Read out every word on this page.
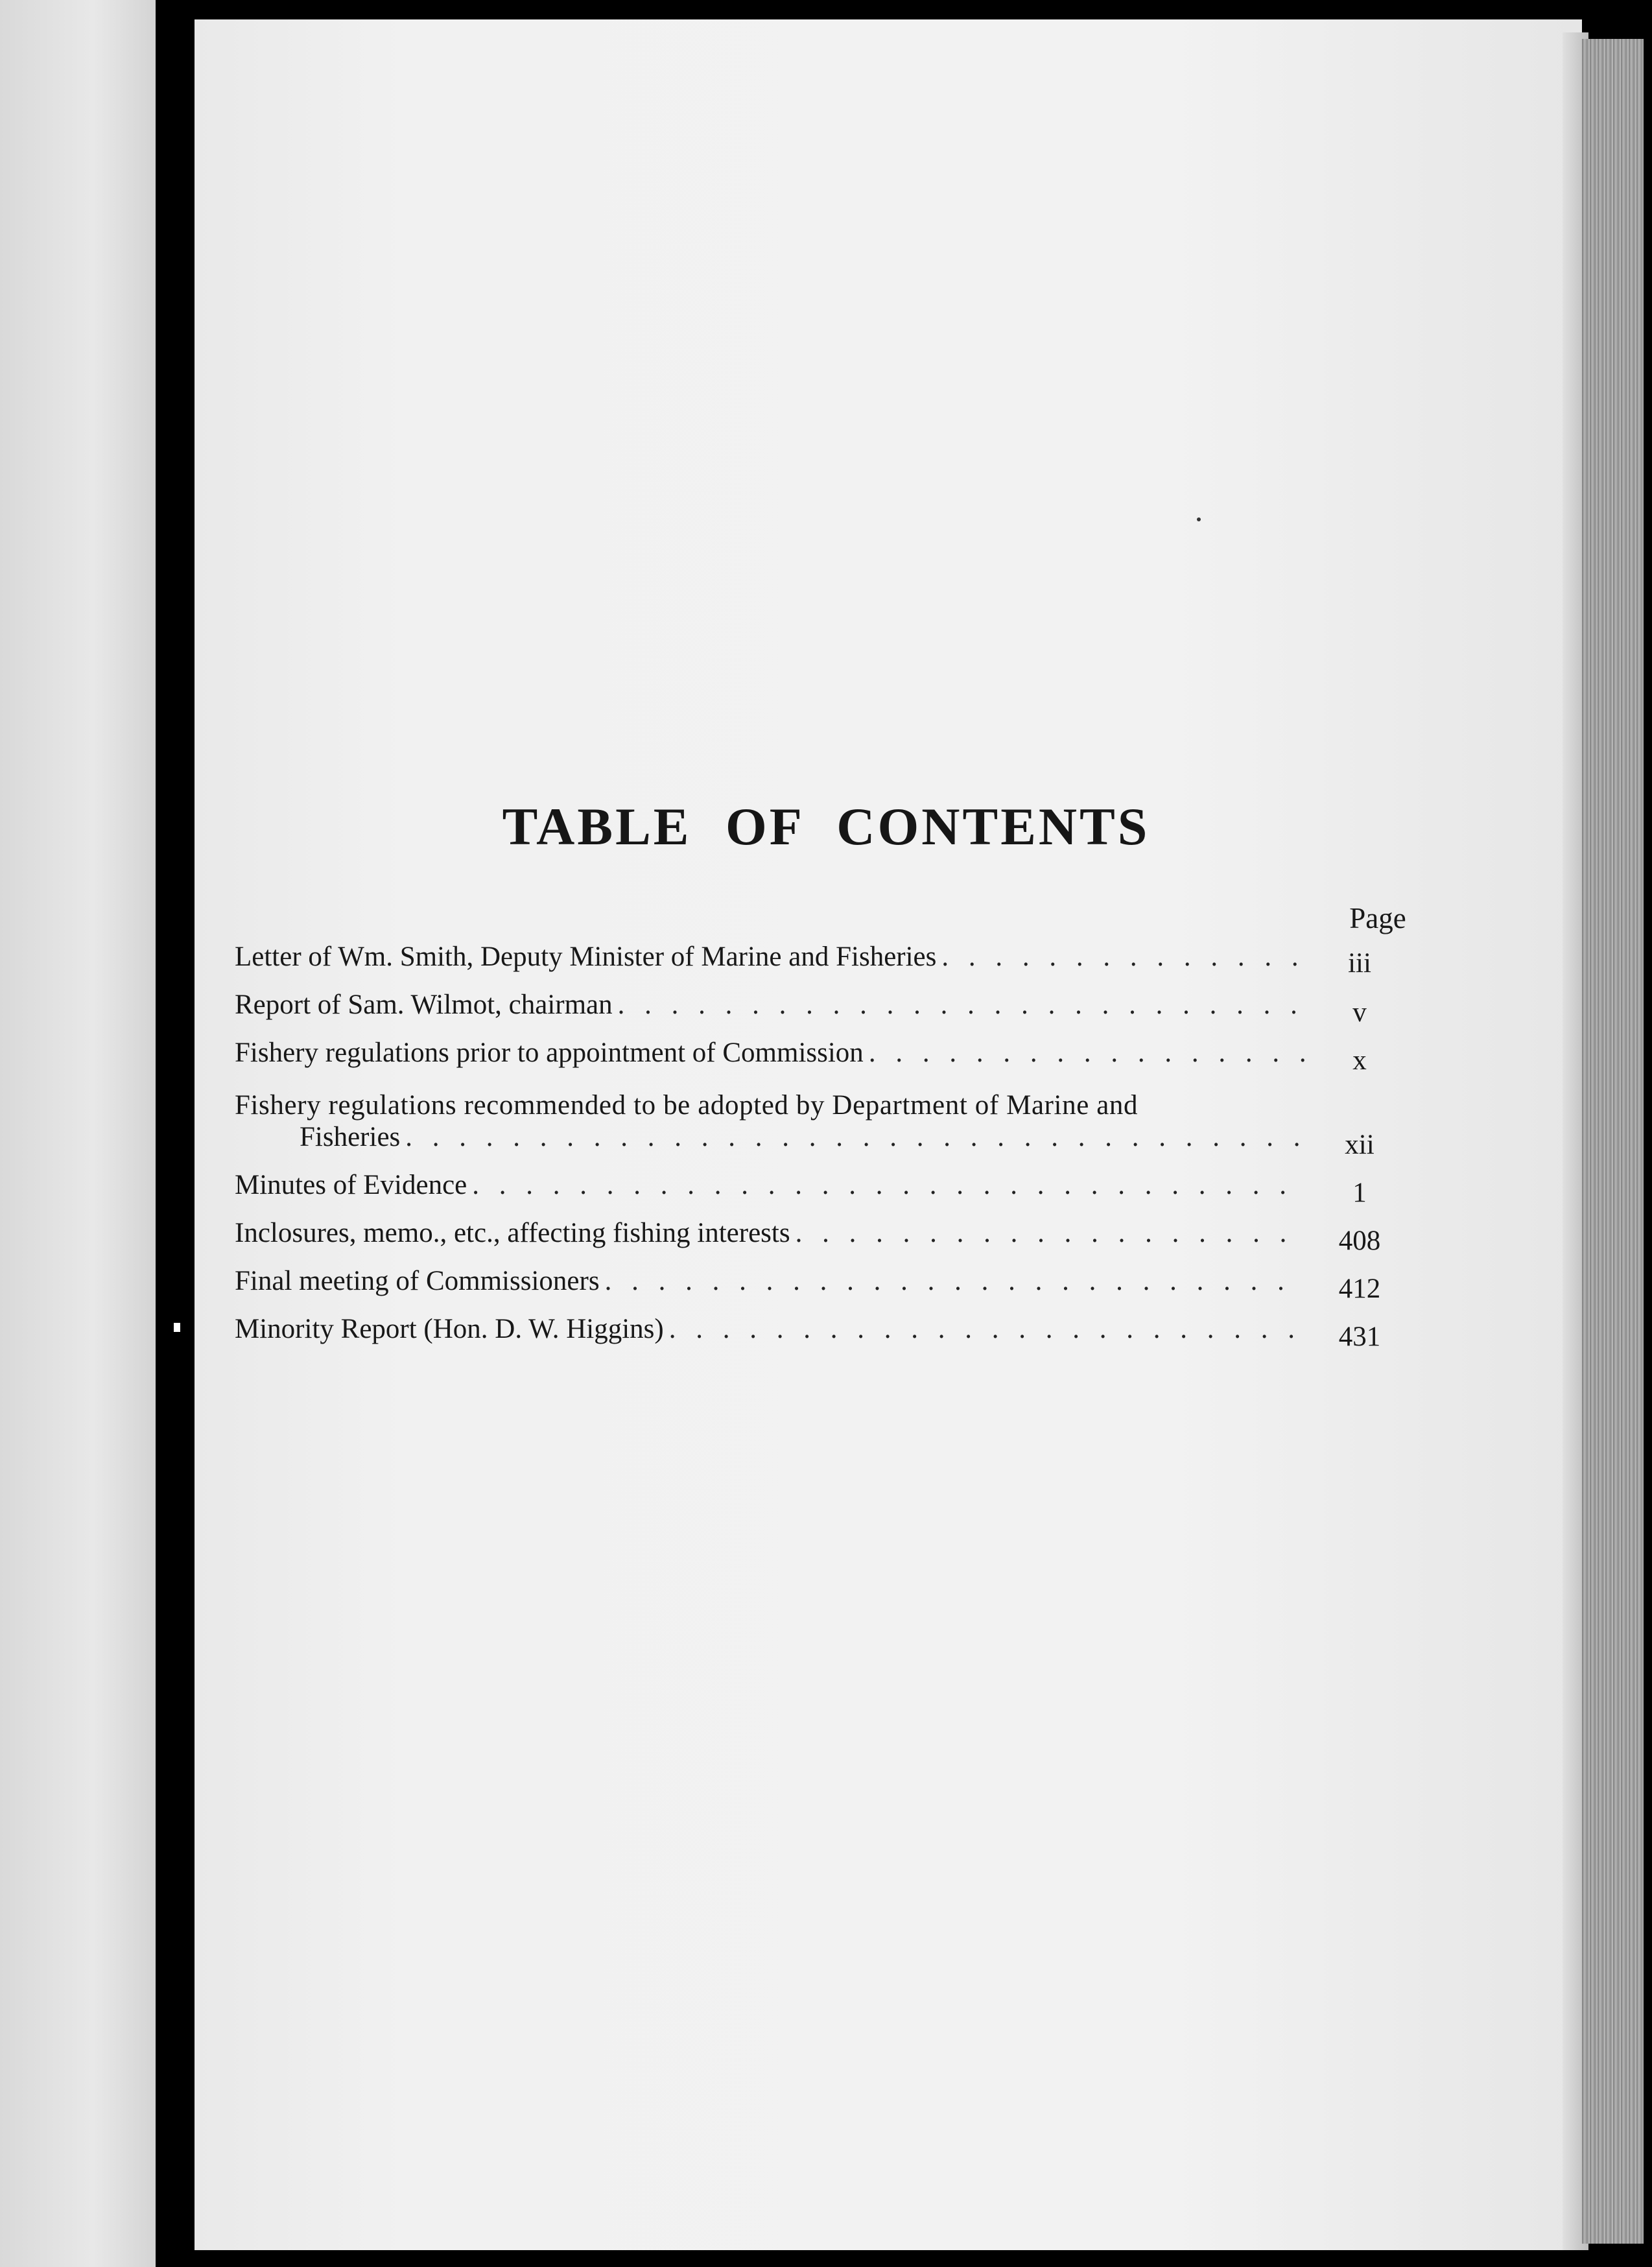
TABLE OF CONTENTS
Page
Letter of Wm. Smith, Deputy Minister of Marine and Fisheries . . .	iii
Report of Sam. Wilmot, chairman . . .	v
Fishery regulations prior to appointment of Commission . . .	x
Fishery regulations recommended to be adopted by Department of Marine and
Fisheries . . .	xii
Minutes of Evidence . . .	1
Inclosures, memo., etc., affecting fishing interests . . .	408
Final meeting of Commissioners . . .	412
Minority Report (Hon. D. W. Higgins) . . .	431
